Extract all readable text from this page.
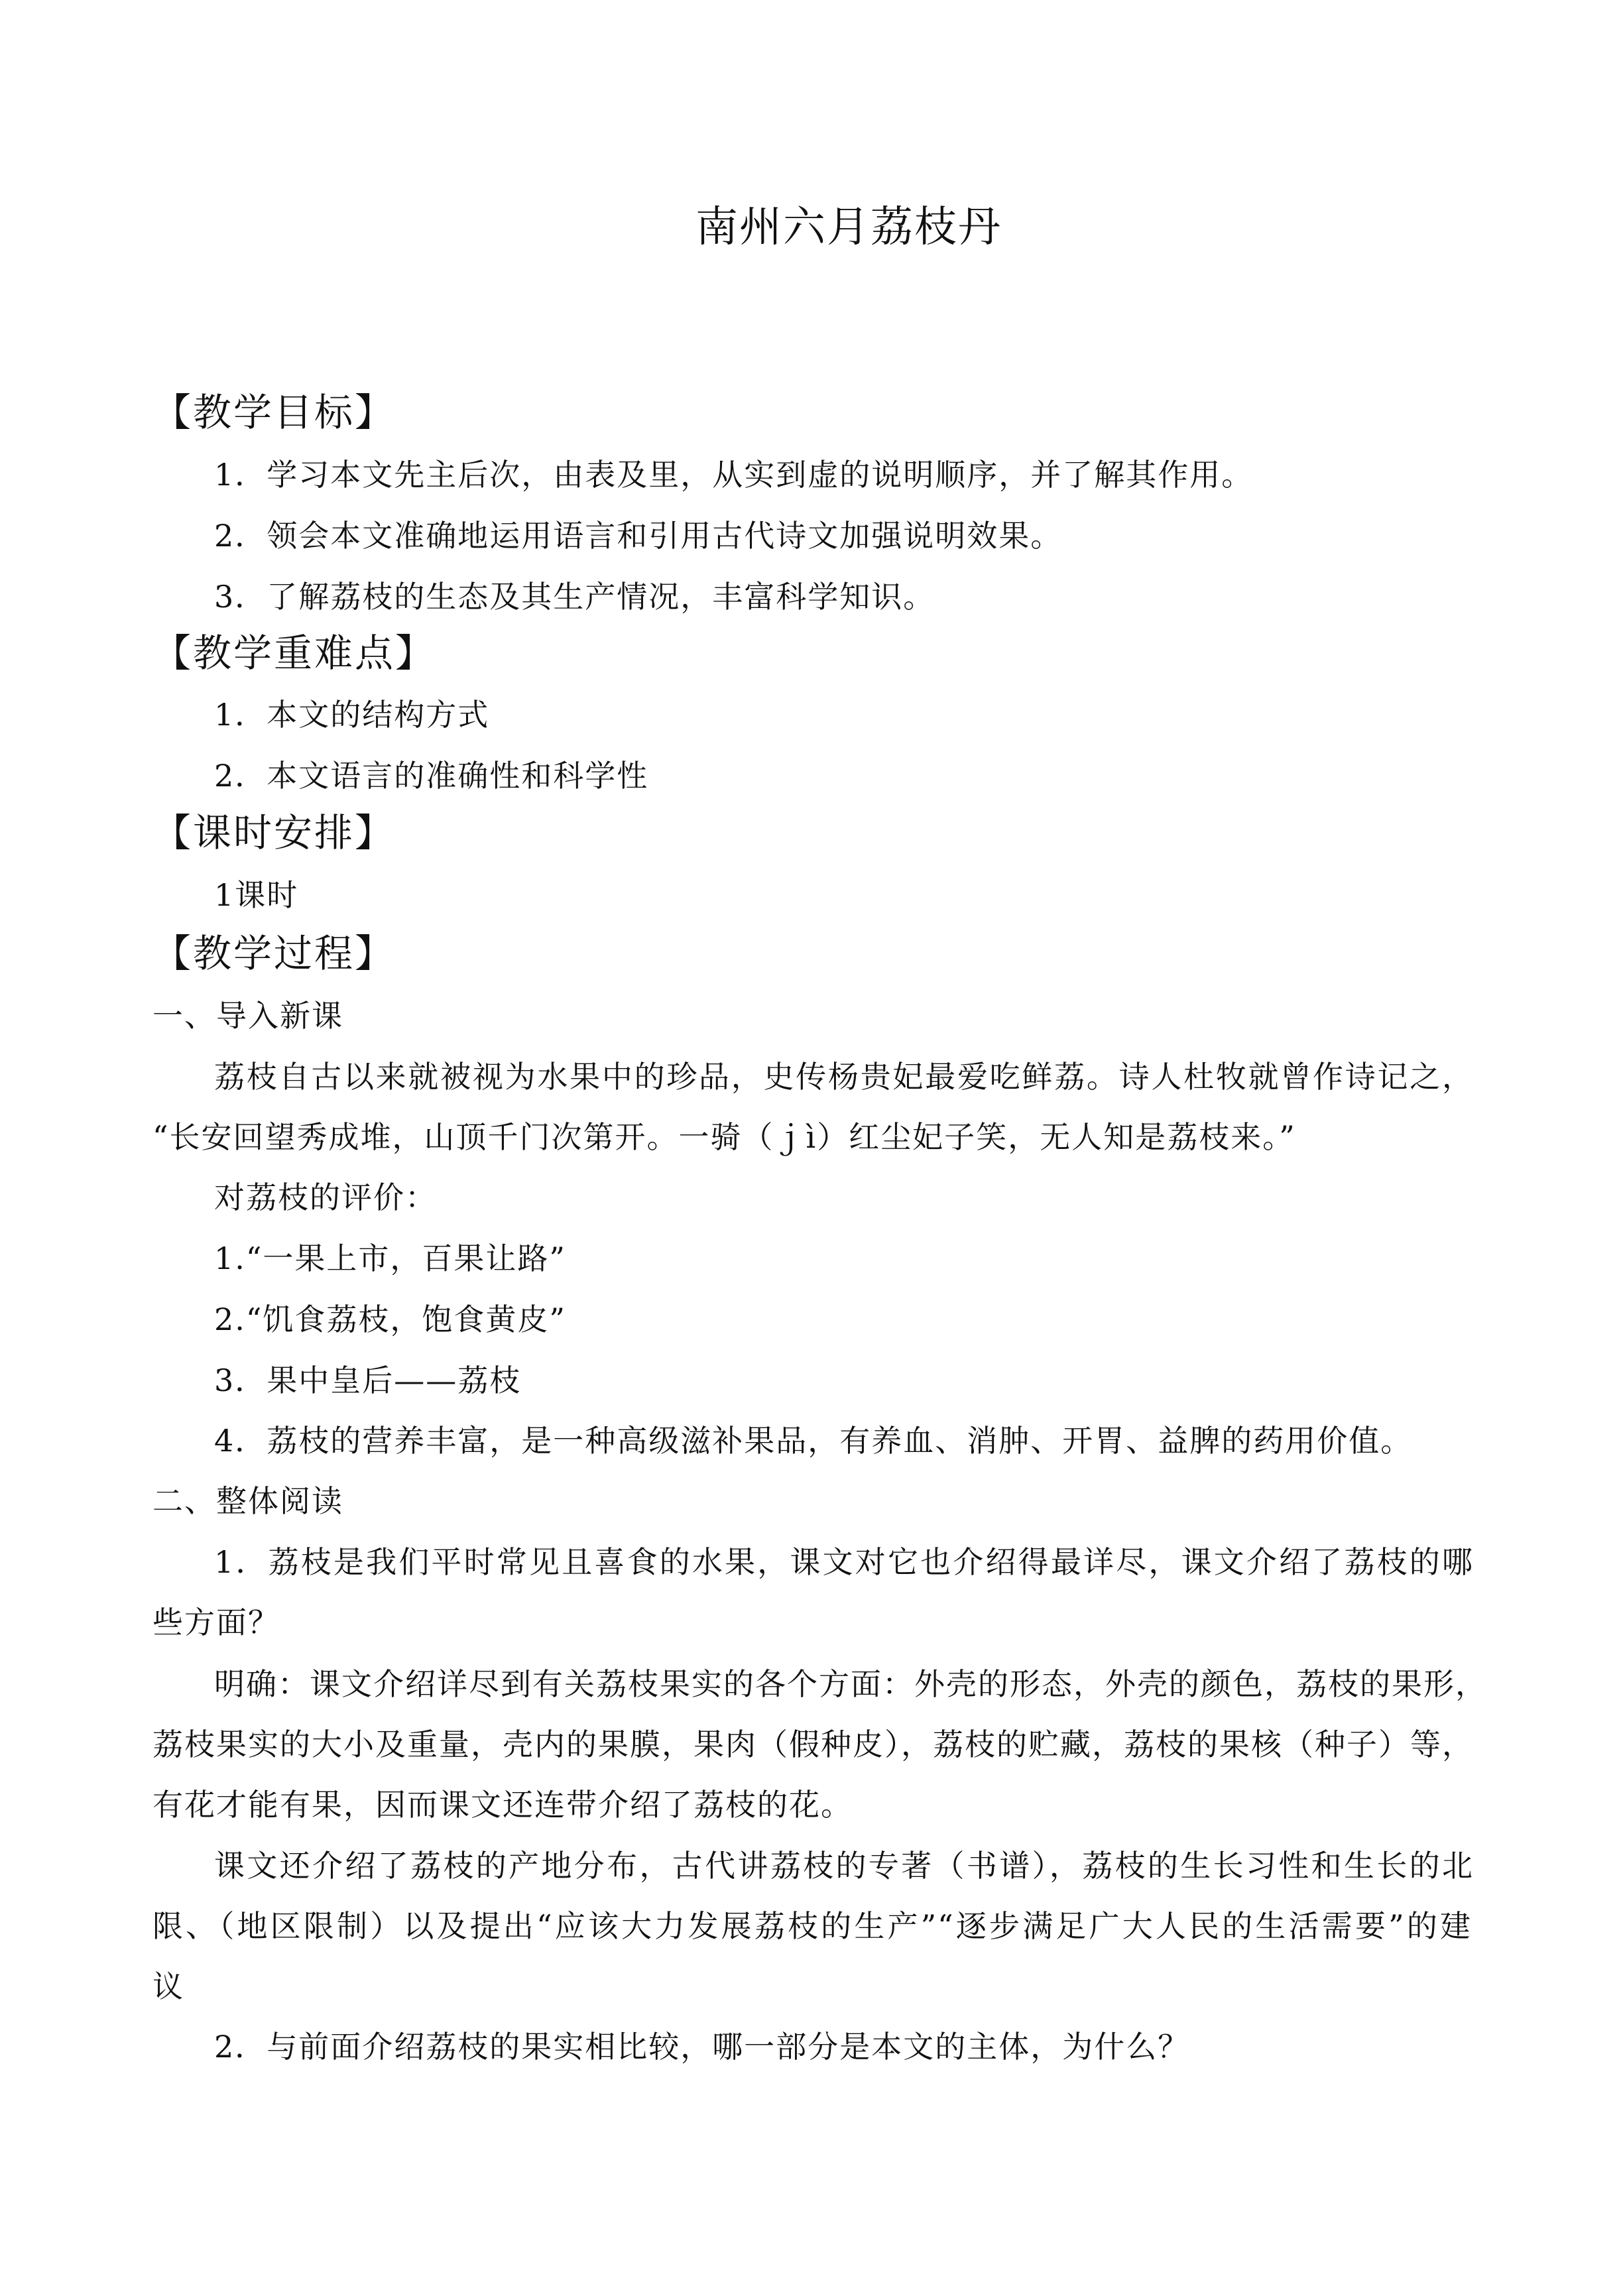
南州六月荔枝丹
【教学目标】
1．学习本文先主后次，由表及里，从实到虚的说明顺序，并了解其作用。
2．领会本文准确地运用语言和引用古代诗文加强说明效果。
3．了解荔枝的生态及其生产情况，丰富科学知识。
【教学重难点】
1．本文的结构方式
2．本文语言的准确性和科学性
【课时安排】
1课时
【教学过程】
一、导入新课
荔枝自古以来就被视为水果中的珍品，史传杨贵妃最爱吃鲜荔。诗人杜牧就曾作诗记之，
“长安回望秀成堆，山顶千门次第开。一骑（ｊì）红尘妃子笑，无人知是荔枝来。”
对荔枝的评价：
1.“一果上市，百果让路”
2.“饥食荔枝，饱食黄皮”
3．果中皇后——荔枝
4．荔枝的营养丰富，是一种高级滋补果品，有养血、消肿、开胃、益脾的药用价值。
二、整体阅读
1．荔枝是我们平时常见且喜食的水果，课文对它也介绍得最详尽，课文介绍了荔枝的哪
些方面？
明确：课文介绍详尽到有关荔枝果实的各个方面：外壳的形态，外壳的颜色，荔枝的果形，
荔枝果实的大小及重量，壳内的果膜，果肉（假种皮），荔枝的贮藏，荔枝的果核（种子）等，
有花才能有果，因而课文还连带介绍了荔枝的花。
课文还介绍了荔枝的产地分布，古代讲荔枝的专著（书谱），荔枝的生长习性和生长的北
限、（地区限制）以及提出“应该大力发展荔枝的生产”“逐步满足广大人民的生活需要”的建
议
2．与前面介绍荔枝的果实相比较，哪一部分是本文的主体，为什么？
